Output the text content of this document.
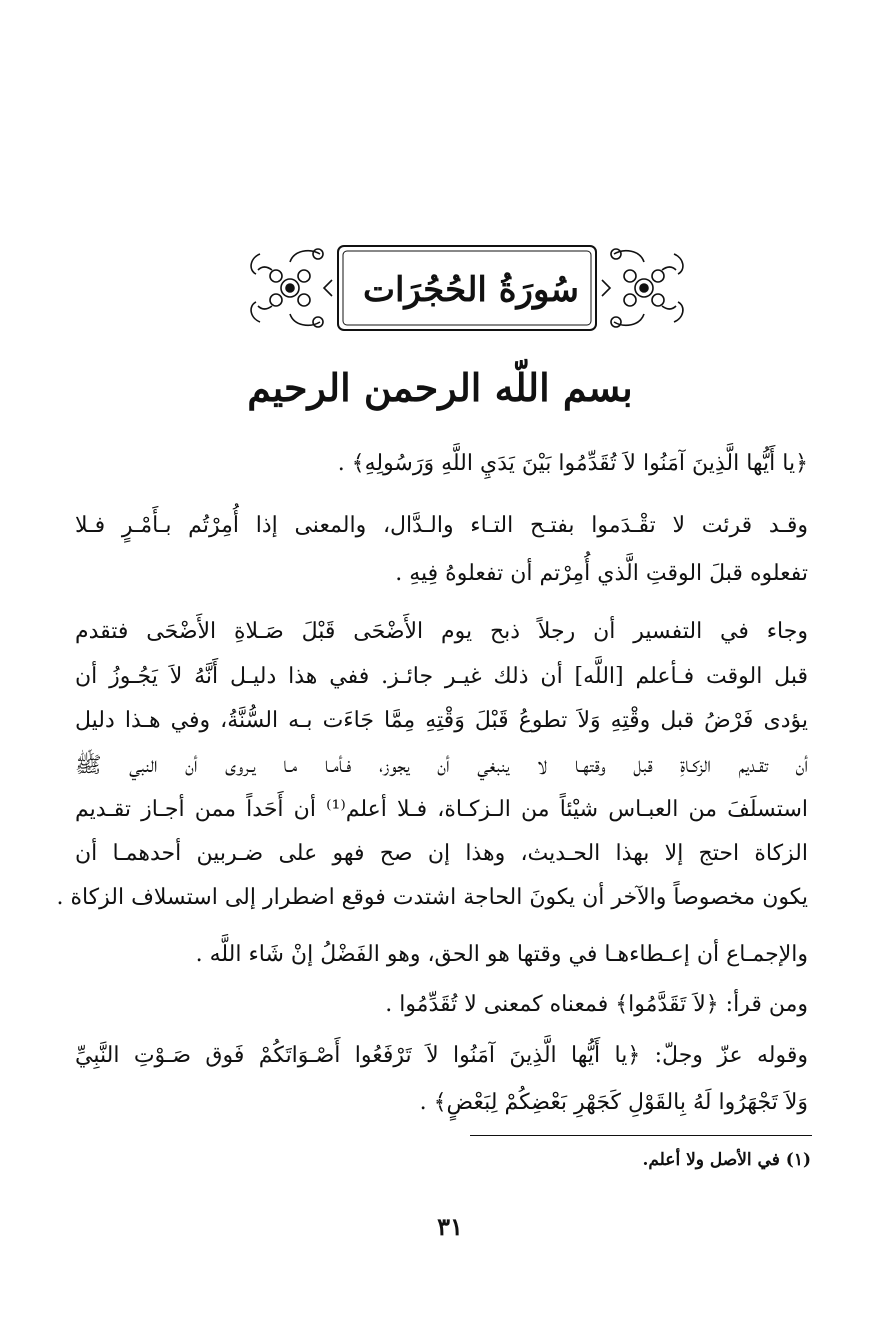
سُورَةُ الحُجُرَات
بسم اللّه الرحمن الرحيم
﴿يا أَيُّها الَّذِينَ آمَنُوا لاَ تُقَدِّمُوا بَيْنَ يَدَيِ اللَّهِ وَرَسُولِهِ﴾ .
وقـد قرئت لا تقْـدَموا بفتـح التـاء والـدَّال، والمعنى إذا أُمِرْتُم بـأَمْـرٍ فـلا
تفعلوه قبلَ الوقتِ الَّذي أُمِرْتم أن تفعلوهُ فِيهِ .
وجاء في التفسير أن رجلاً ذبح يوم الأَضْحَى قَبْلَ صَـلاةِ الأَضْحَى فتقدم
قبل الوقت فـأعلم [اللَّه] أن ذلك غيـر جائـز. ففي هذا دليـل أَنَّهُ لاَ يَجُـوزُ أن
يؤدى فَرْضُ قبل وقْتِهِ وَلاَ تطوعُ قَبْلَ وَقْتِهِ مِمَّا جَاءَت بـه السُّنَّةُ، وفي هـذا دليل
أن تقـديم الزكـاةِ قبل وقتهـا لا ينبغي أن يجوز، فـأمـا مـا يـروى أن النبي ﷺ
استسلَفَ من العبـاس شيْئاً من الـزكـاة، فـلا أعلم⁽¹⁾ أن أَحَداً ممن أجـاز تقـديم
الزكاة احتج إلا بهذا الحـديث، وهذا إن صح فهو على ضـربين أحدهمـا أن
يكون مخصوصاً والآخر أن يكونَ الحاجة اشتدت فوقع اضطرار إلى استسلاف الزكاة .
والإجمـاع أن إعـطاءهـا في وقتها هو الحق، وهو الفَضْلُ إنْ شَاء اللَّه .
ومن قرأ: ﴿لاَ تَقَدَّمُوا﴾ فمعناه كمعنى لا تُقَدِّمُوا .
وقوله عزّ وجلّ: ﴿يا أَيُّها الَّذِينَ آمَنُوا لاَ تَرْفَعُوا أَصْـوَاتَكُمْ فَوق صَـوْتِ النَّبِيِّ
وَلاَ تَجْهَرُوا لَهُ بِالقَوْلِ كَجَهْرِ بَعْضِكُمْ لِبَعْضٍ﴾ .
(١) في الأصل ولا أعلم.
٣١
